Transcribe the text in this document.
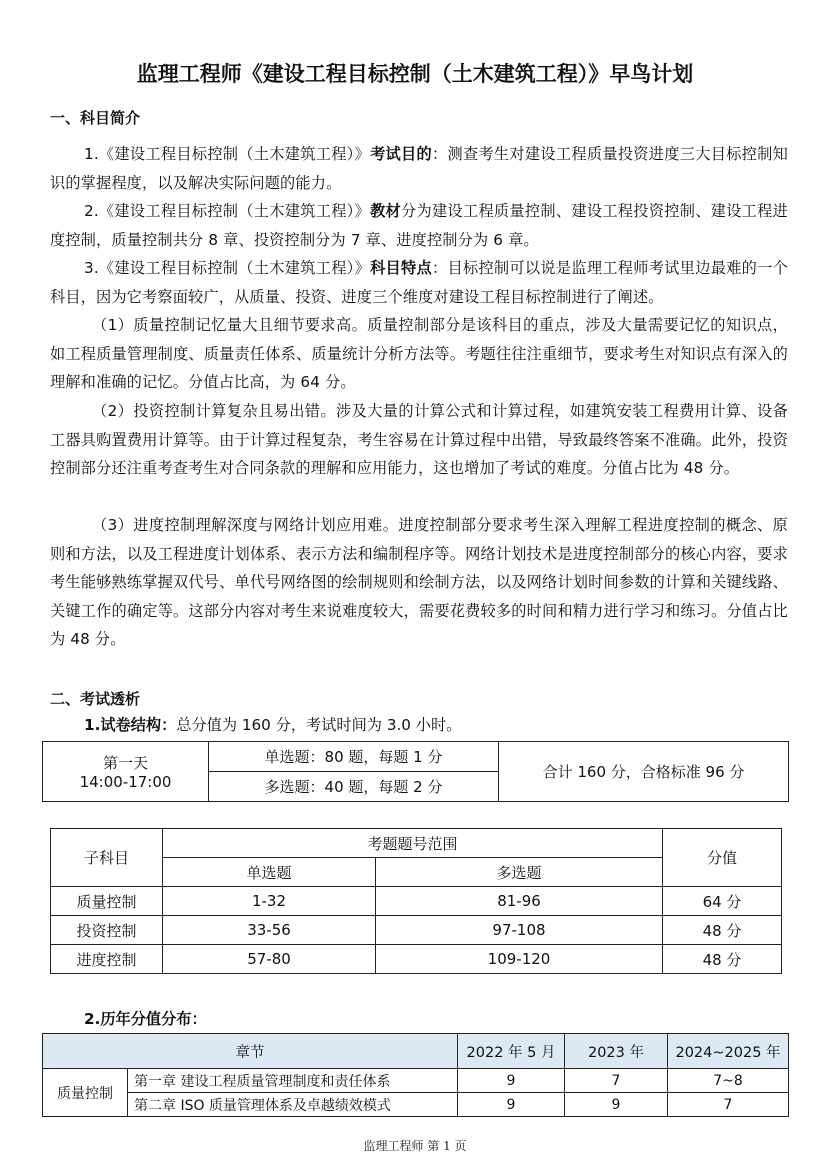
监理工程师《建设工程目标控制（土木建筑工程）》早鸟计划
一、科目简介
1.《建设工程目标控制（土木建筑工程）》考试目的：测查考生对建设工程质量投资进度三大目标控制知识的掌握程度，以及解决实际问题的能力。
2.《建设工程目标控制（土木建筑工程）》教材分为建设工程质量控制、建设工程投资控制、建设工程进度控制，质量控制共分 8 章、投资控制分为 7 章、进度控制分为 6 章。
3.《建设工程目标控制（土木建筑工程）》科目特点：目标控制可以说是监理工程师考试里边最难的一个科目，因为它考察面较广，从质量、投资、进度三个维度对建设工程目标控制进行了阐述。
（1）质量控制记忆量大且细节要求高。质量控制部分是该科目的重点，涉及大量需要记忆的知识点，如工程质量管理制度、质量责任体系、质量统计分析方法等。考题往往注重细节，要求考生对知识点有深入的理解和准确的记忆。分值占比高，为 64 分。
（2）投资控制计算复杂且易出错。涉及大量的计算公式和计算过程，如建筑安装工程费用计算、设备工器具购置费用计算等。由于计算过程复杂，考生容易在计算过程中出错，导致最终答案不准确。此外，投资控制部分还注重考查考生对合同条款的理解和应用能力，这也增加了考试的难度。分值占比为 48 分。
（3）进度控制理解深度与网络计划应用难。进度控制部分要求考生深入理解工程进度控制的概念、原则和方法，以及工程进度计划体系、表示方法和编制程序等。网络计划技术是进度控制部分的核心内容，要求考生能够熟练掌握双代号、单代号网络图的绘制规则和绘制方法，以及网络计划时间参数的计算和关键线路、关键工作的确定等。这部分内容对考生来说难度较大，需要花费较多的时间和精力进行学习和练习。分值占比为 48 分。
二、考试透析
1.试卷结构：总分值为 160 分，考试时间为 3.0 小时。
第一天
14:00-17:00
	单选题：80 题，每题 1 分	合计 160 分，合格标准 96 分
多选题：40 题，每题 2 分
子科目	考题题号范围		分值
	单选题	多选题	
质量控制	1-32	81-96	64 分
投资控制	33-56	97-108	48 分
进度控制	57-80	109-120	48 分
2.历年分值分布：
章节		2022 年 5 月	2023 年	2024~2025 年
质量控制	第一章 建设工程质量管理制度和责任体系	9	7	7~8
	第二章 ISO 质量管理体系及卓越绩效模式	9	9	7
监理工程师 第 1 页
